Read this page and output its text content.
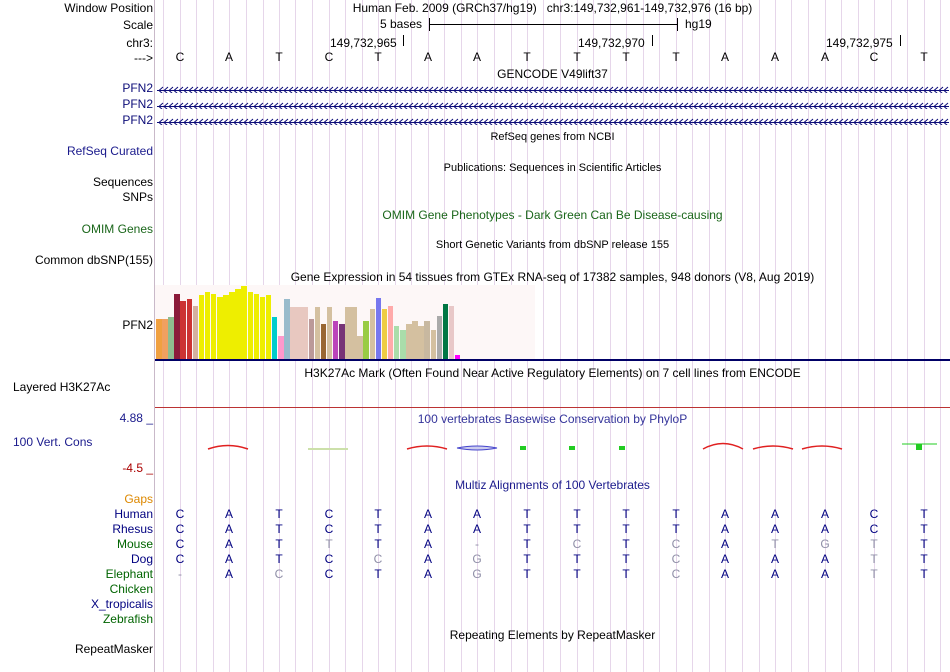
Window Position	Human Feb. 2009 (GRCh37/hg19)   chr3:149,732,961-149,732,976 (16 bp)
Scale	5 bases	hg19
chr3:	149,732,965	149,732,970	149,732,975
--->	C	A	T	C	T	A	A	T	T	T	T	A	A	A	C	T
GENCODE V49lift37
PFN2
PFN2
PFN2
RefSeq genes from NCBI
RefSeq Curated
Publications: Sequences in Scientific Articles
Sequences
SNPs
OMIM Gene Phenotypes - Dark Green Can Be Disease-causing
OMIM Genes
Short Genetic Variants from dbSNP release 155
Common dbSNP(155)
Gene Expression in 54 tissues from GTEx RNA-seq of 17382 samples, 948 donors (V8, Aug 2019)
PFN2
H3K27Ac Mark (Often Found Near Active Regulatory Elements) on 7 cell lines from ENCODE
Layered H3K27Ac
4.88 _	100 vertebrates Basewise Conservation by PhyloP
100 Vert. Cons
-4.5 _
Multiz Alignments of 100 Vertebrates
Gaps
Human	C	A	T	C	T	A	A	T	T	T	T	A	A	A	C	T
Rhesus	C	A	T	C	T	A	A	T	T	T	T	A	A	A	C	T
Mouse	C	A	T	T	T	A	-	T	C	T	C	A	T	G	T	T
Dog	C	A	T	C	C	A	G	T	T	T	C	A	A	A	T	T
Elephant	-	A	C	C	T	A	G	T	T	T	C	A	A	A	T	T
Chicken
X_tropicalis
Zebrafish
Repeating Elements by RepeatMasker
RepeatMasker
